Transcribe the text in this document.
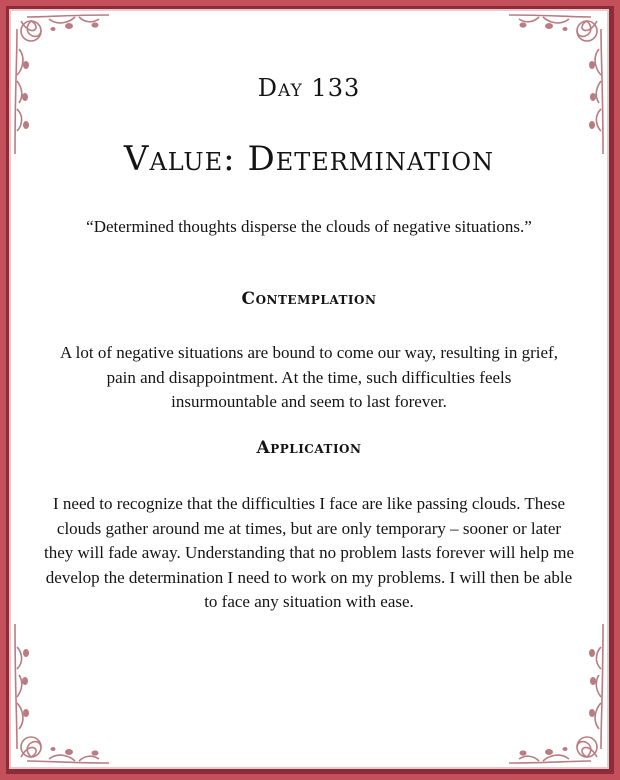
Day 133
Value: Determination
“Determined thoughts disperse the clouds of negative situations.”
Contemplation
A lot of negative situations are bound to come our way, resulting in grief, pain and disappointment. At the time, such difficulties feels insurmountable and seem to last forever.
Application
I need to recognize that the difficulties I face are like passing clouds. These clouds gather around me at times, but are only temporary – sooner or later they will fade away. Understanding that no problem lasts forever will help me develop the determination I need to work on my problems. I will then be able to face any situation with ease.
